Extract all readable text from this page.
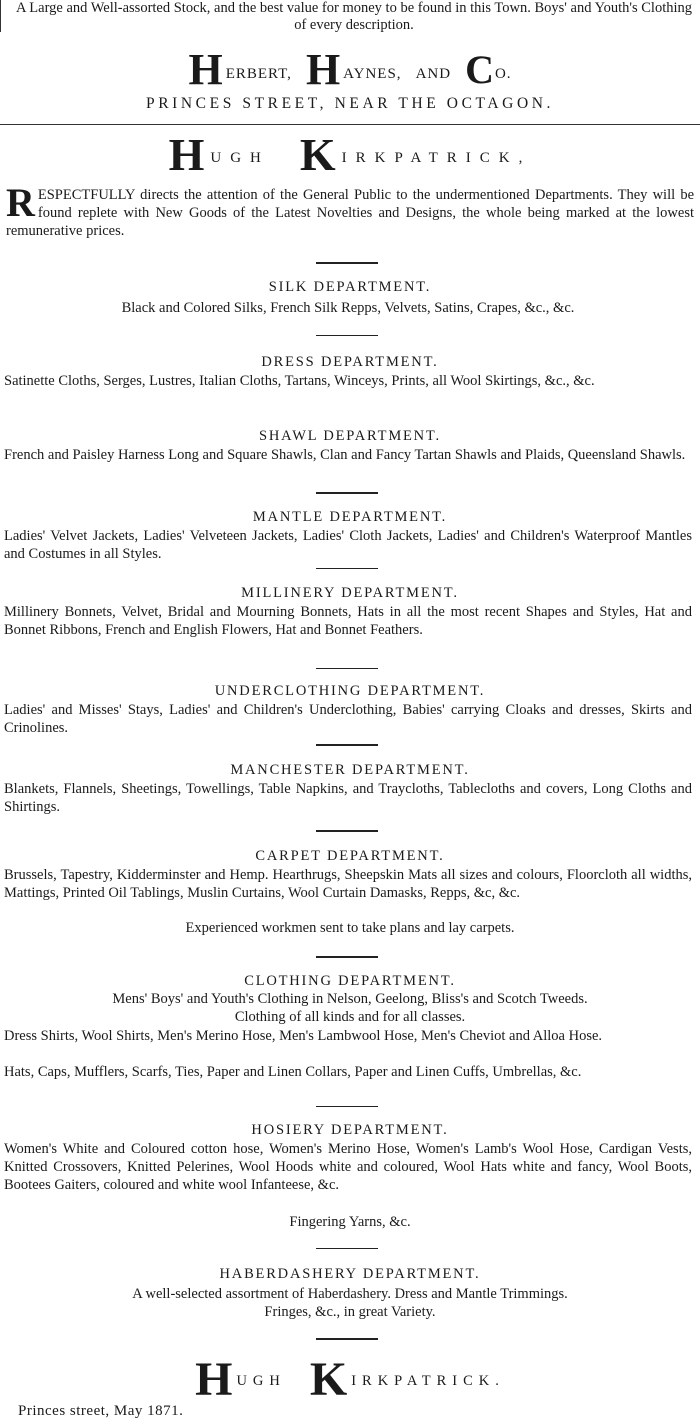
A Large and Well-assorted Stock, and the best value for money to be found in this Town. Boys' and Youth's Clothing of every description.
HERBERT, H AYNES, AND CO.
PRINCES STREET, NEAR THE OCTAGON.
HUGH K IRKPATRICK,
RESPECTFULLY directs the attention of the General Public to the undermentioned Departments. They will be found replete with New Goods of the Latest Novelties and Designs, the whole being marked at the lowest remunerative prices.
SILK DEPARTMENT.
Black and Colored Silks, French Silk Repps, Velvets, Satins, Crapes, &c., &c.
DRESS DEPARTMENT.
Satinette Cloths, Serges, Lustres, Italian Cloths, Tartans, Winceys, Prints, all Wool Skirtings, &c., &c.
SHAWL DEPARTMENT.
French and Paisley Harness Long and Square Shawls, Clan and Fancy Tartan Shawls and Plaids, Queensland Shawls.
MANTLE DEPARTMENT.
Ladies' Velvet Jackets, Ladies' Velveteen Jackets, Ladies' Cloth Jackets, Ladies' and Children's Waterproof Mantles and Costumes in all Styles.
MILLINERY DEPARTMENT.
Millinery Bonnets, Velvet, Bridal and Mourning Bonnets, Hats in all the most recent Shapes and Styles, Hat and Bonnet Ribbons, French and English Flowers, Hat and Bonnet Feathers.
UNDERCLOTHING DEPARTMENT.
Ladies' and Misses' Stays, Ladies' and Children's Underclothing, Babies' carrying Cloaks and dresses, Skirts and Crinolines.
MANCHESTER DEPARTMENT.
Blankets, Flannels, Sheetings, Towellings, Table Napkins, and Traycloths, Tablecloths and covers, Long Cloths and Shirtings.
CARPET DEPARTMENT.
Brussels, Tapestry, Kidderminster and Hemp. Hearthrugs, Sheepskin Mats all sizes and colours, Floorcloth all widths, Mattings, Printed Oil Tablings, Muslin Curtains, Wool Curtain Damasks, Repps, &c, &c.
Experienced workmen sent to take plans and lay carpets.
CLOTHING DEPARTMENT.
Mens' Boys' and Youth's Clothing in Nelson, Geelong, Bliss's and Scotch Tweeds.
Clothing of all kinds and for all classes.
Dress Shirts, Wool Shirts, Men's Merino Hose, Men's Lambwool Hose, Men's Cheviot and Alloa Hose.
Hats, Caps, Mufflers, Scarfs, Ties, Paper and Linen Collars, Paper and Linen Cuffs, Umbrellas, &c.
HOSIERY DEPARTMENT.
Women's White and Coloured cotton hose, Women's Merino Hose, Women's Lamb's Wool Hose, Cardigan Vests, Knitted Crossovers, Knitted Pelerines, Wool Hoods white and coloured, Wool Hats white and fancy, Wool Boots, Bootees Gaiters, coloured and white wool Infanteese, &c.
Fingering Yarns, &c.
HABERDASHERY DEPARTMENT.
A well-selected assortment of Haberdashery. Dress and Mantle Trimmings.
Fringes, &c., in great Variety.
HUGH K IRKPATRICK.
Princes street, May 1871.
